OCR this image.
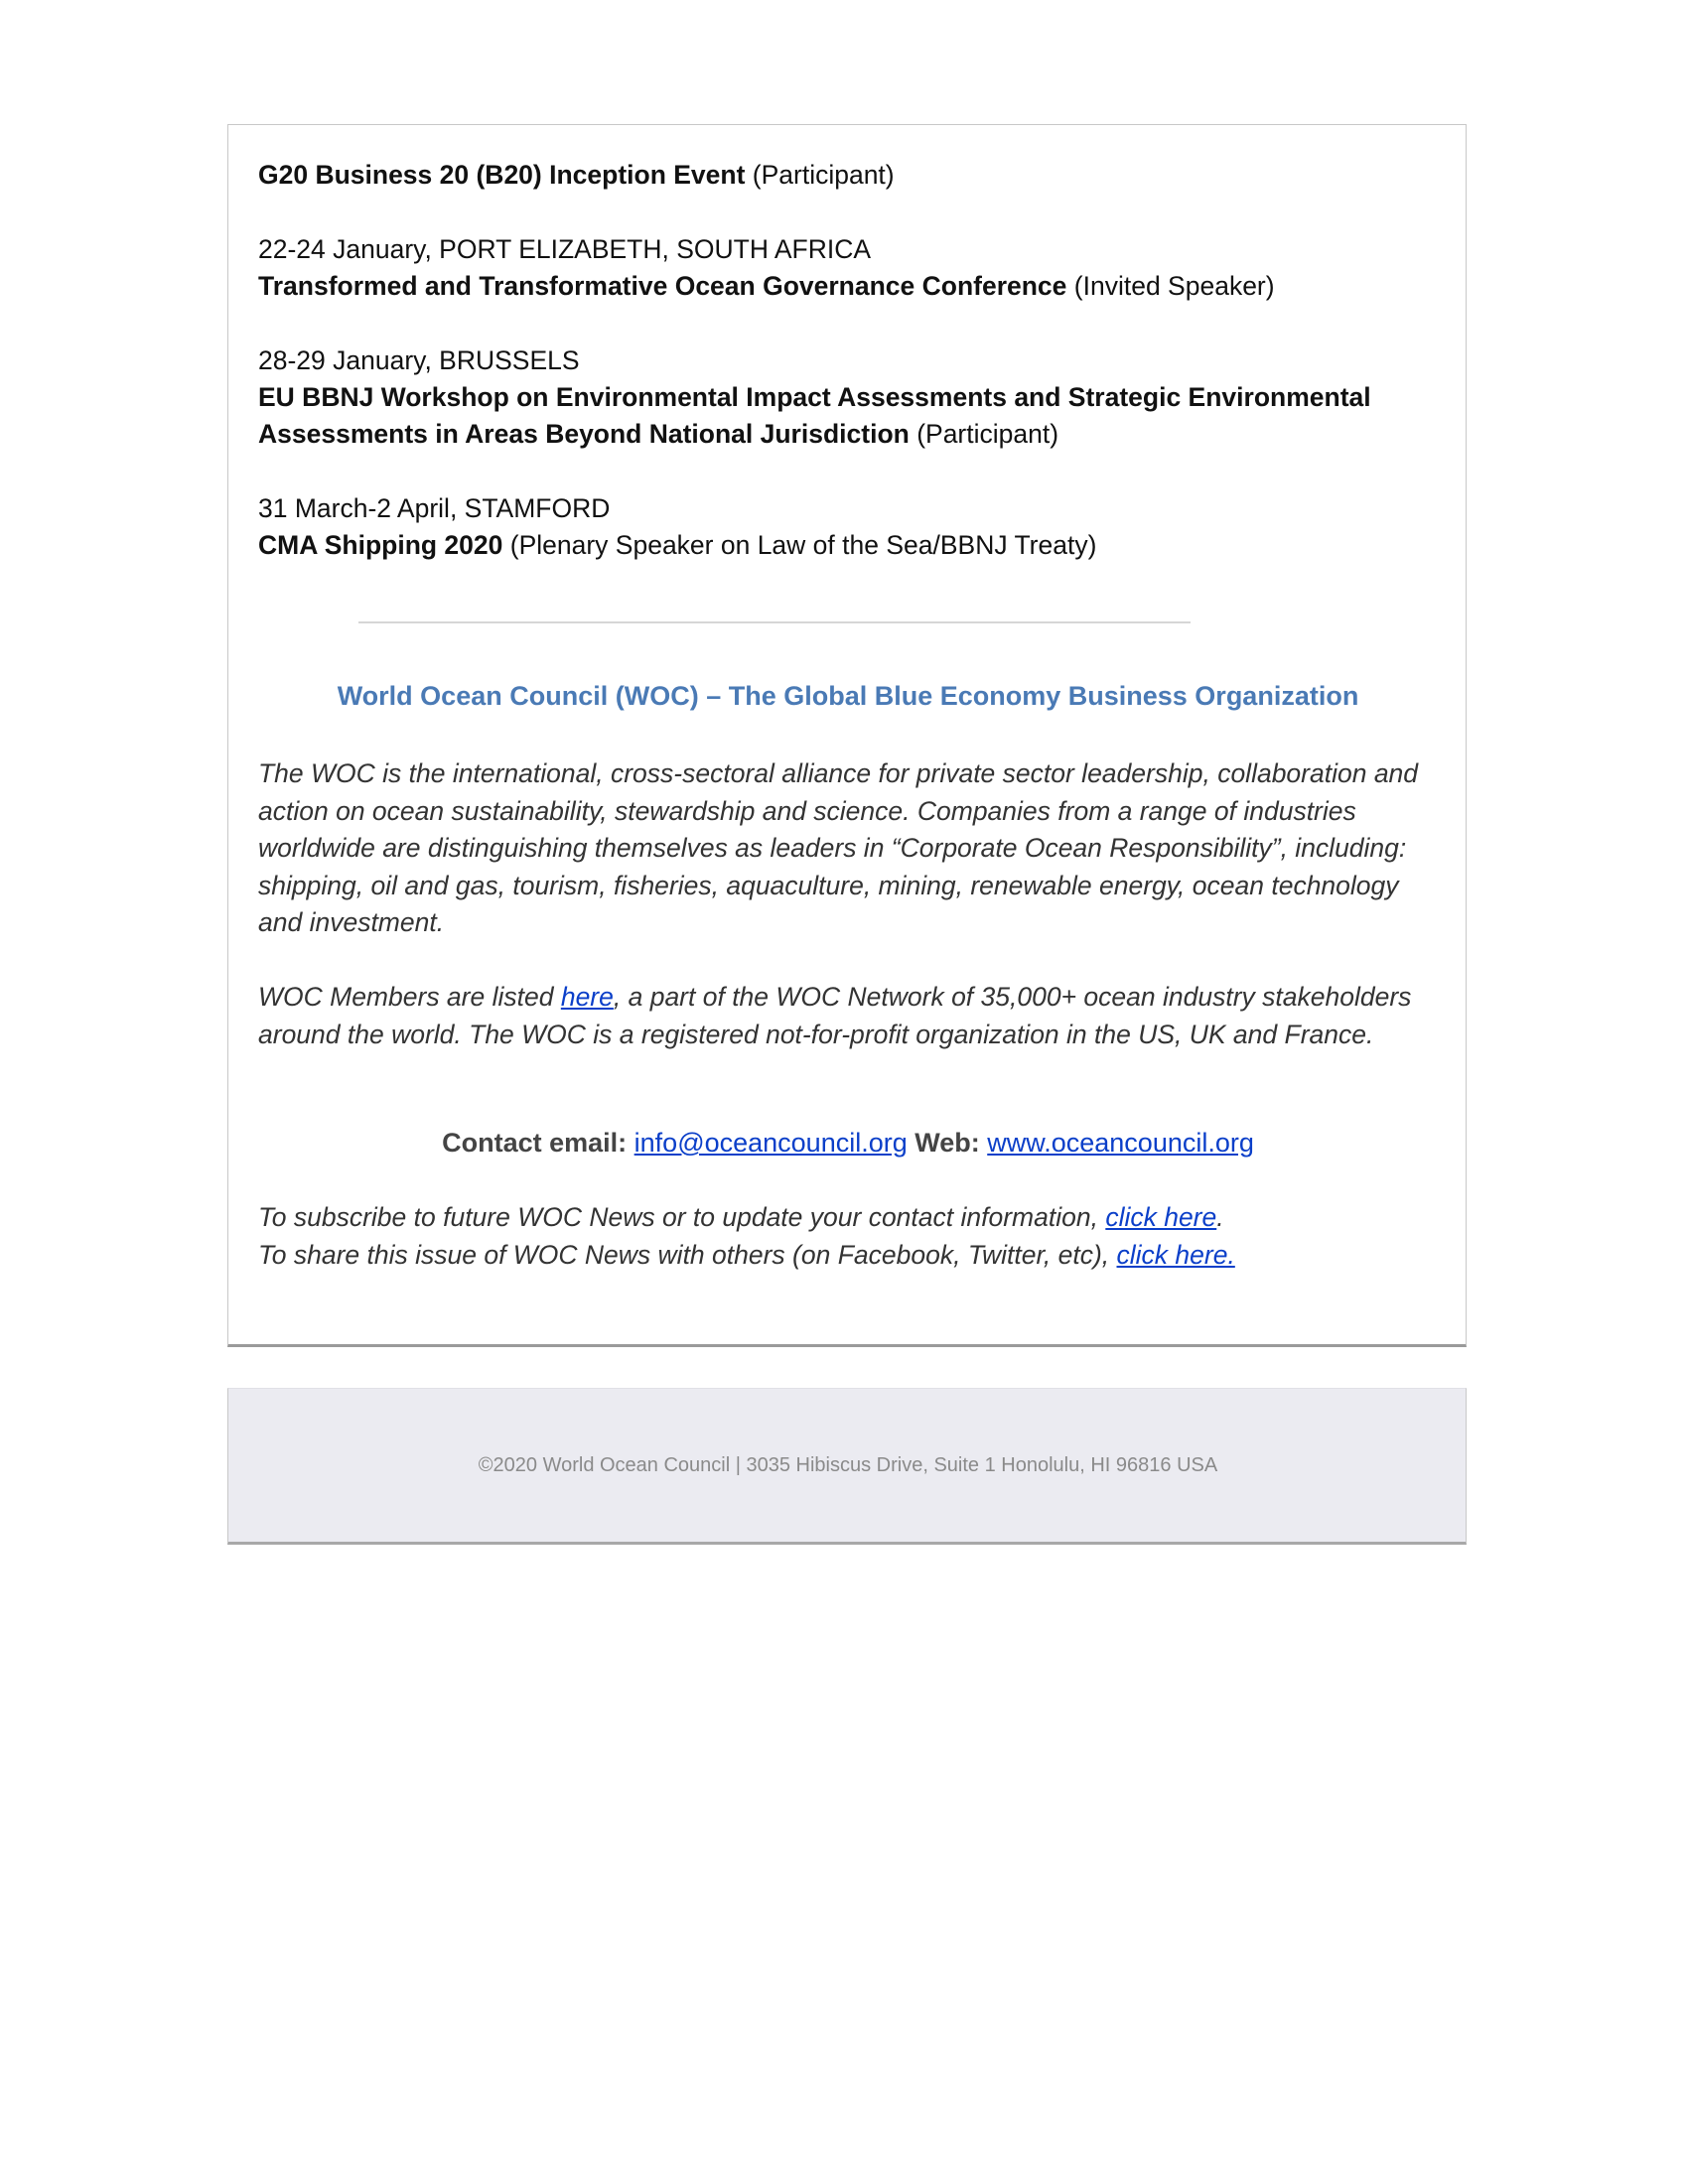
G20 Business 20 (B20) Inception Event (Participant)

22-24 January, PORT ELIZABETH, SOUTH AFRICA
Transformed and Transformative Ocean Governance Conference (Invited Speaker)

28-29 January, BRUSSELS
EU BBNJ Workshop on Environmental Impact Assessments and Strategic Environmental Assessments in Areas Beyond National Jurisdiction (Participant)

31 March-2 April, STAMFORD
CMA Shipping 2020 (Plenary Speaker on Law of the Sea/BBNJ Treaty)

World Ocean Council (WOC) – The Global Blue Economy Business Organization

The WOC is the international, cross-sectoral alliance for private sector leadership, collaboration and action on ocean sustainability, stewardship and science. Companies from a range of industries worldwide are distinguishing themselves as leaders in “Corporate Ocean Responsibility”, including: shipping, oil and gas, tourism, fisheries, aquaculture, mining, renewable energy, ocean technology and investment.

WOC Members are listed here, a part of the WOC Network of 35,000+ ocean industry stakeholders around the world. The WOC is a registered not-for-profit organization in the US, UK and France.

Contact email: info@oceancouncil.org Web: www.oceancouncil.org

To subscribe to future WOC News or to update your contact information, click here.
To share this issue of WOC News with others (on Facebook, Twitter, etc), click here.

©2020 World Ocean Council | 3035 Hibiscus Drive, Suite 1 Honolulu, HI 96816 USA
